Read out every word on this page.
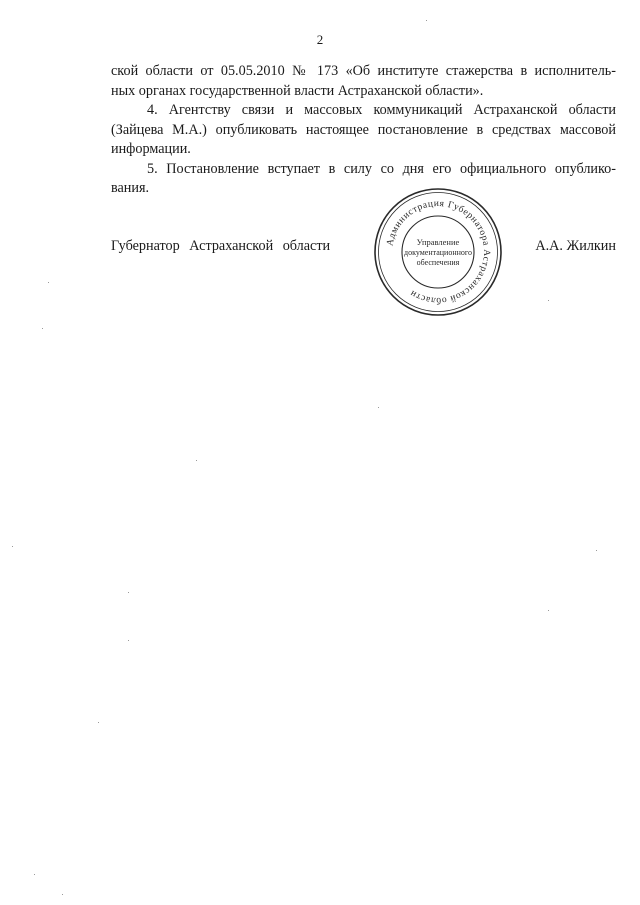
2
ской области от 05.05.2010 № 173 «Об институте стажерства в исполнитель-
ных органах государственной власти Астраханской области».
4. Агентству связи и массовых коммуникаций Астраханской области
(Зайцева М.А.) опубликовать настоящее постановление в средствах массовой
информации.
5. Постановление вступает в силу со дня его официального опублико-
вания.
Губернатор Астраханской области	А.А. Жилкин
Администрация Губернатора Астраханской области
Управление
документационного
обеспечения
